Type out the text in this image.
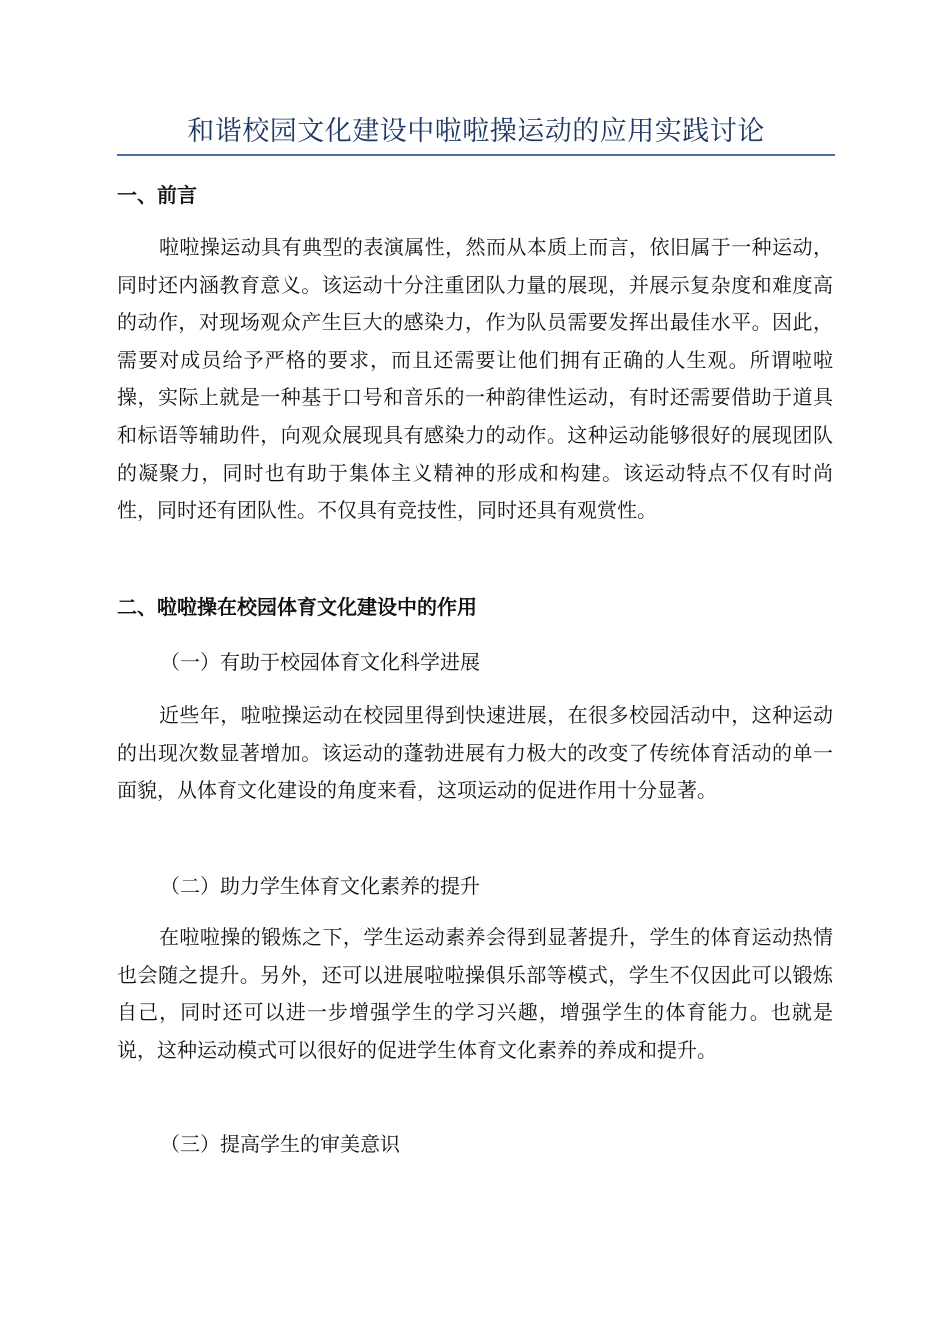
和谐校园文化建设中啦啦操运动的应用实践讨论
一、前言

啦啦操运动具有典型的表演属性，然而从本质上而言，依旧属于一种运动，同时还内涵教育意义。该运动十分注重团队力量的展现，并展示复杂度和难度高的动作，对现场观众产生巨大的感染力，作为队员需要发挥出最佳水平。因此，需要对成员给予严格的要求，而且还需要让他们拥有正确的人生观。所谓啦啦操，实际上就是一种基于口号和音乐的一种韵律性运动，有时还需要借助于道具和标语等辅助件，向观众展现具有感染力的动作。这种运动能够很好的展现团队的凝聚力，同时也有助于集体主义精神的形成和构建。该运动特点不仅有时尚性，同时还有团队性。不仅具有竞技性，同时还具有观赏性。

二、啦啦操在校园体育文化建设中的作用
（一）有助于校园体育文化科学进展

近些年，啦啦操运动在校园里得到快速进展，在很多校园活动中，这种运动的出现次数显著增加。该运动的蓬勃进展有力极大的改变了传统体育活动的单一面貌，从体育文化建设的角度来看，这项运动的促进作用十分显著。

（二）助力学生体育文化素养的提升

在啦啦操的锻炼之下，学生运动素养会得到显著提升，学生的体育运动热情也会随之提升。另外，还可以进展啦啦操俱乐部等模式，学生不仅因此可以锻炼自己，同时还可以进一步增强学生的学习兴趣，增强学生的体育能力。也就是说，这种运动模式可以很好的促进学生体育文化素养的养成和提升。

（三）提高学生的审美意识
